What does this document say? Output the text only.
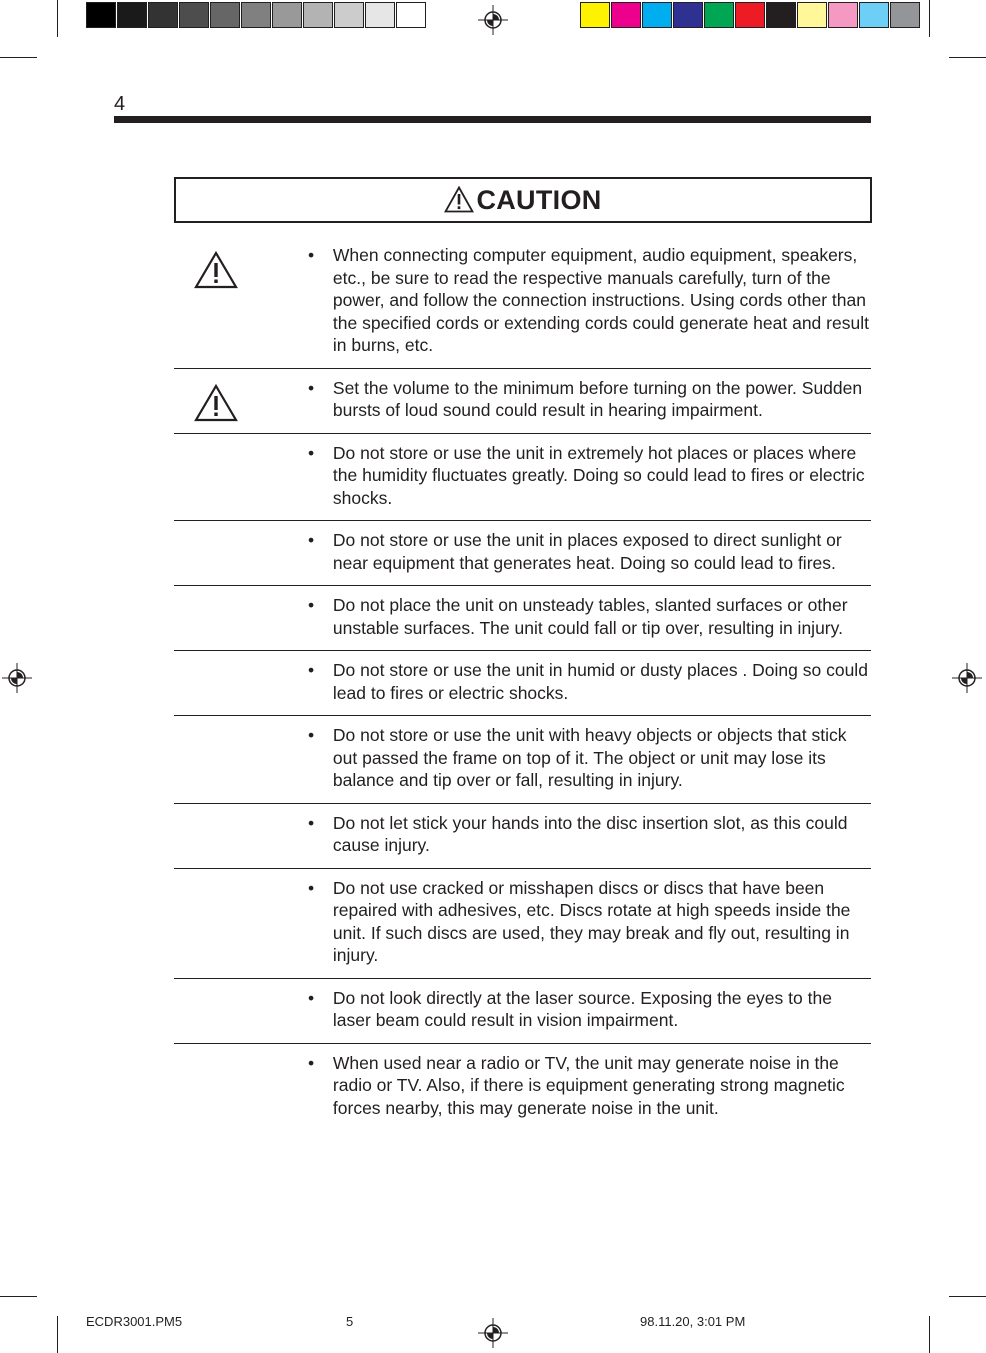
4
CAUTION
•	When connecting computer equipment, audio equipment, speakers, etc., be sure to read the respective manuals carefully, turn of the power, and follow the connection instructions. Using cords other than the specified cords or extending cords could generate heat and result in burns, etc.
•	Set the volume to the minimum before turning on the power. Sudden bursts of loud sound could result in hearing impairment.
•	Do not store or use the unit in extremely hot places or places where the humidity fluctuates greatly. Doing so could lead to fires or electric shocks.
•	Do not store or use the unit in places exposed to direct sunlight or near equipment that generates heat. Doing so could lead to fires.
•	Do not place the unit on unsteady tables, slanted surfaces or other unstable surfaces. The unit could fall or tip over, resulting in injury.
•	Do not store or use the unit in humid or dusty places . Doing so could lead to fires or electric shocks.
•	Do not store or use the unit with heavy objects or objects that stick out passed the frame on top of it. The object or unit may lose its balance and tip over or fall, resulting in injury.
•	Do not let stick your hands into the disc insertion slot, as this could cause injury.
•	Do not use cracked or misshapen discs or discs that have been repaired with adhesives, etc. Discs rotate at high speeds inside the unit. If such discs are used, they may break and fly out, resulting in injury.
•	Do not look directly at the laser source. Exposing the eyes to the laser beam could result in vision impairment.
•	When used near a radio or TV, the unit may generate noise in the radio or TV. Also, if there is equipment generating strong magnetic forces nearby, this may generate noise in the unit.
ECDR3001.PM5	5	98.11.20, 3:01 PM
